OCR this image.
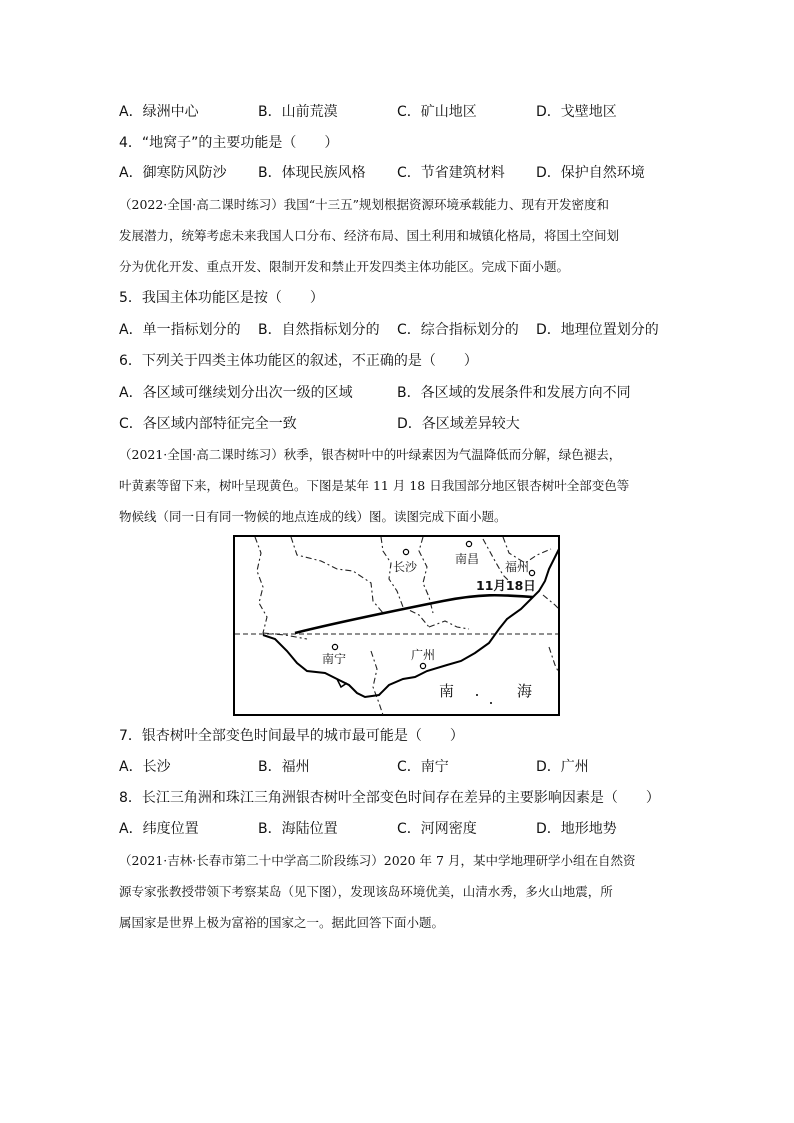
A．绿洲中心	B．山前荒漠	C．矿山地区	D．戈壁地区
4．“地窝子”的主要功能是（　　）
A．御寒防风防沙 B．体现民族风格 C．节省建筑材料 D．保护自然环境
（2022·全国·高二课时练习）我国“十三五”规划根据资源环境承载能力、现有开发密度和
发展潜力，统筹考虑未来我国人口分布、经济布局、国土利用和城镇化格局，将国土空间划
分为优化开发、重点开发、限制开发和禁止开发四类主体功能区。完成下面小题。
5．我国主体功能区是按（　　）
A．单一指标划分的 B．自然指标划分的 C．综合指标划分的 D．地理位置划分的
6．下列关于四类主体功能区的叙述，不正确的是（　　）
A．各区域可继续划分出次一级的区域	B．各区域的发展条件和发展方向不同
C．各区域内部特征完全一致	D．各区域差异较大
（2021·全国·高二课时练习）秋季，银杏树叶中的叶绿素因为气温降低而分解，绿色褪去，
叶黄素等留下来，树叶呈现黄色。下图是某年 11 月 18 日我国部分地区银杏树叶全部变色等
物候线（同一日有同一物候的地点连成的线）图。读图完成下面小题。
长沙
南昌
福州
11月18日
南宁	广州
南	海
7．银杏树叶全部变色时间最早的城市最可能是（　　）
A．长沙	B．福州	C．南宁	D．广州
8．长江三角洲和珠江三角洲银杏树叶全部变色时间存在差异的主要影响因素是（　　）
A．纬度位置	B．海陆位置	C．河网密度	D．地形地势
（2021·吉林·长春市第二十中学高二阶段练习）2020 年 7 月，某中学地理研学小组在自然资
源专家张教授带领下考察某岛（见下图），发现该岛环境优美，山清水秀，多火山地震，所
属国家是世界上极为富裕的国家之一。据此回答下面小题。
